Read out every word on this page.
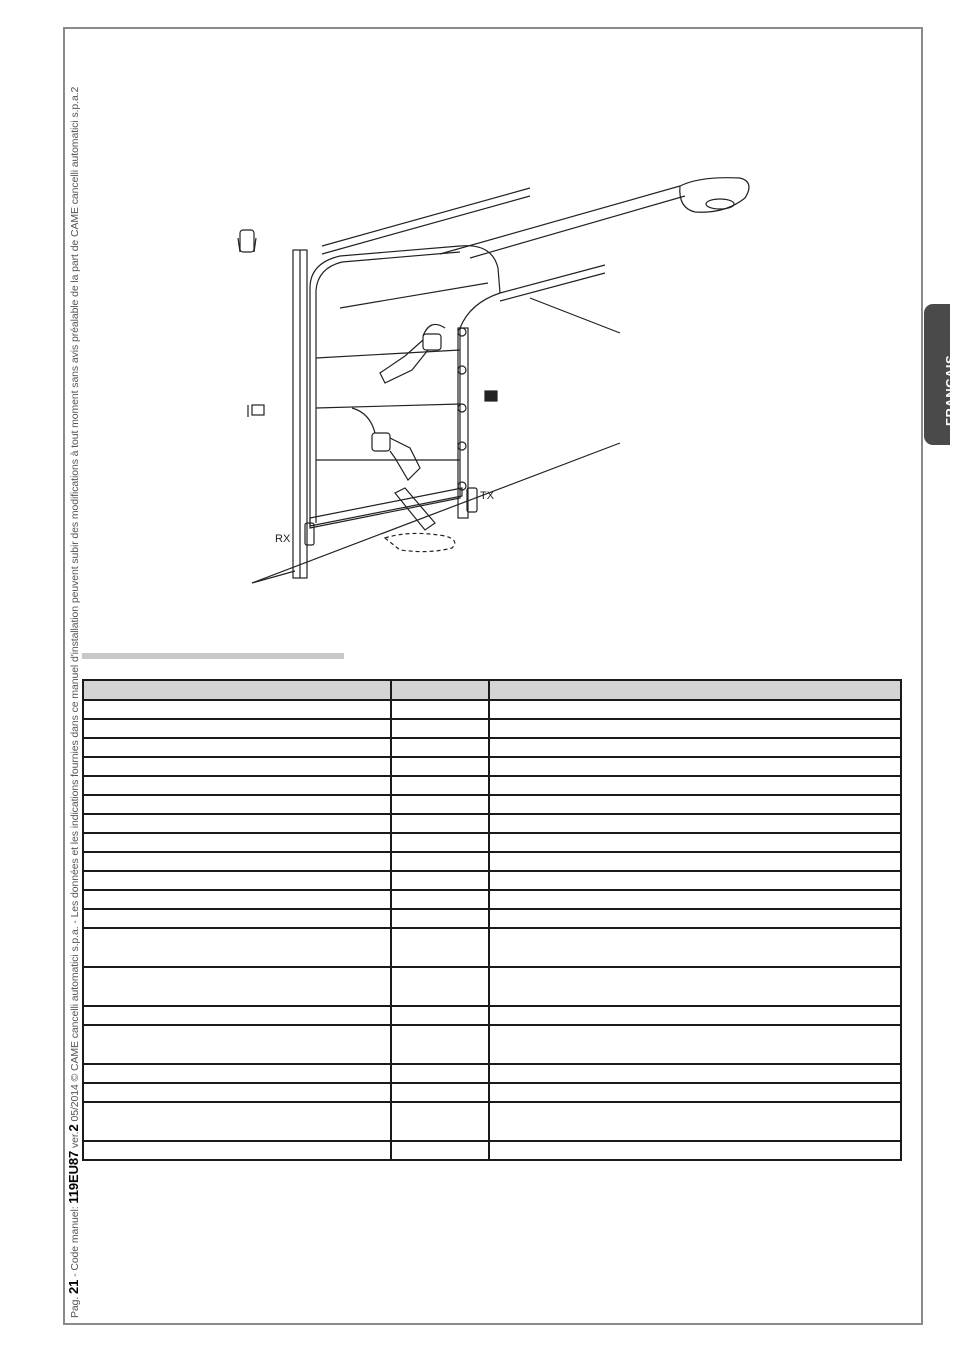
Pag. 21 - Code manuel: 119EU87 ver.2 05/2014 © CAME cancelli automatici s.p.a. - Les données et les indications fournies dans ce manuel d'installation peuvent subir des modifications à tout moment sans avis préalable de la part de CAME cancelli automatici s.p.a.2	FRANÇAIS
TX
RX
